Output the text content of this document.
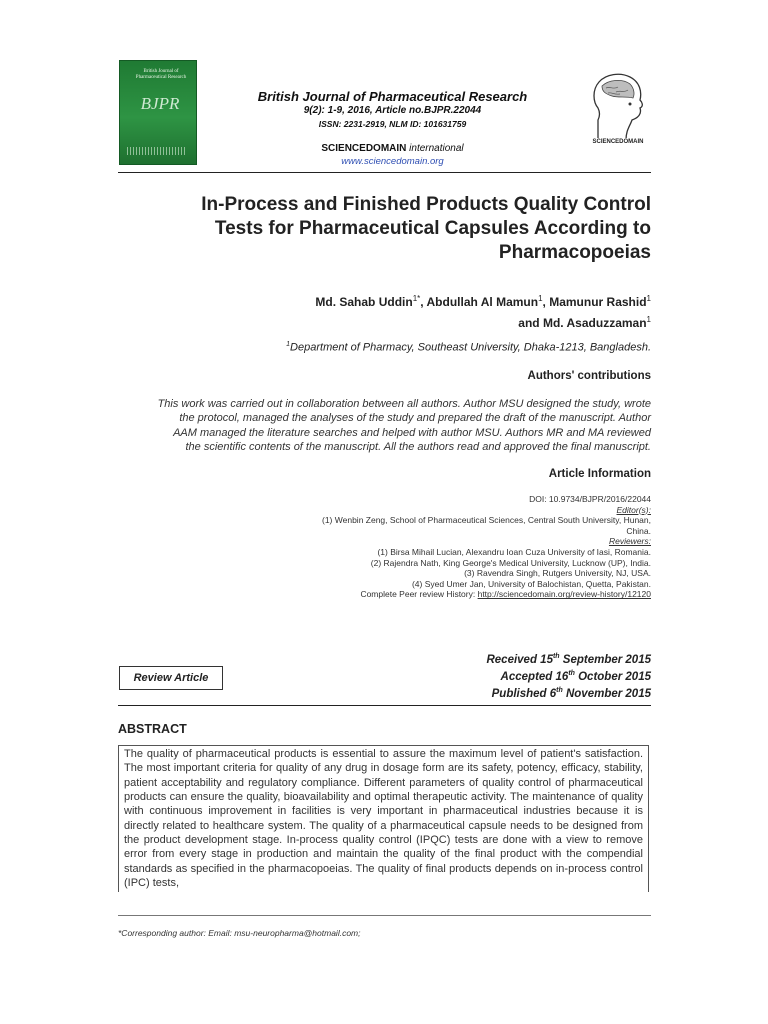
British Journal of Pharmaceutical Research
BJPR	British Journal of Pharmaceutical Research
9(2): 1-9, 2016, Article no.BJPR.22044
ISSN: 2231-2919, NLM ID: 101631759
SCIENCEDOMAIN international
www.sciencedomain.org
SCIENCEDOMAIN
In-Process and Finished Products Quality Control
Tests for Pharmaceutical Capsules According to
Pharmacopoeias
Md. Sahab Uddin$^{1*}$, Abdullah Al Mamun$^1$, Mamunur Rashid$^1$
and Md. Asaduzzaman$^1$
$^1$Department of Pharmacy, Southeast University, Dhaka-1213, Bangladesh.
Authors' contributions
This work was carried out in collaboration between all authors. Author MSU designed the study, wrote
the protocol, managed the analyses of the study and prepared the draft of the manuscript. Author
AAM managed the literature searches and helped with author MSU. Authors MR and MA reviewed
the scientific contents of the manuscript. All the authors read and approved the final manuscript.
Article Information
DOI: 10.9734/BJPR/2016/22044
Editor(s):
(1) Wenbin Zeng, School of Pharmaceutical Sciences, Central South University, Hunan,
China.
Reviewers:
(1) Birsa Mihail Lucian, Alexandru Ioan Cuza University of Iasi, Romania.
(2) Rajendra Nath, King George's Medical University, Lucknow (UP), India.
(3) Ravendra Singh, Rutgers University, NJ, USA.
(4) Syed Umer Jan, University of Balochistan, Quetta, Pakistan.
Complete Peer review History: http://sciencedomain.org/review-history/12120
Review Article
Received 15th September 2015
Accepted 16th October 2015
Published 6th November 2015
ABSTRACT
The quality of pharmaceutical products is essential to assure the maximum level of patient's satisfaction. The most important criteria for quality of any drug in dosage form are its safety, potency, efficacy, stability, patient acceptability and regulatory compliance. Different parameters of quality control of pharmaceutical products can ensure the quality, bioavailability and optimal therapeutic activity. The maintenance of quality with continuous improvement in facilities is very important in pharmaceutical industries because it is directly related to healthcare system. The quality of a pharmaceutical capsule needs to be designed from the product development stage. In-process quality control (IPQC) tests are done with a view to remove error from every stage in production and maintain the quality of the final product with the compendial standards as specified in the pharmacopoeias. The quality of final products depends on in-process control (IPC) tests,
*Corresponding author: Email: msu-neuropharma@hotmail.com;
